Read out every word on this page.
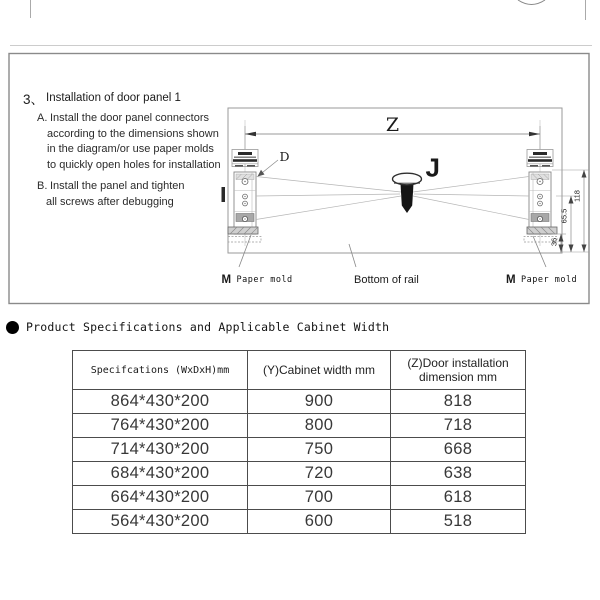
Z
J
D
118
65.5
36
M Paper mold	Bottom of rail	M Paper mold
3、 Installation of door panel 1
A. Install the door panel connectors
according to the dimensions shown
in the diagram/or use paper molds
to quickly open holes for installation
B. Install the panel and tighten
all screws after debugging
Product Specifications and Applicable Cabinet Width
Specifcations (WxDxH)mm	(Y)Cabinet width mm	(Z)Door installation
dimension mm

864*430*200	900	818
764*430*200	800	718
714*430*200	750	668
684*430*200	720	638
664*430*200	700	618
564*430*200	600	518
